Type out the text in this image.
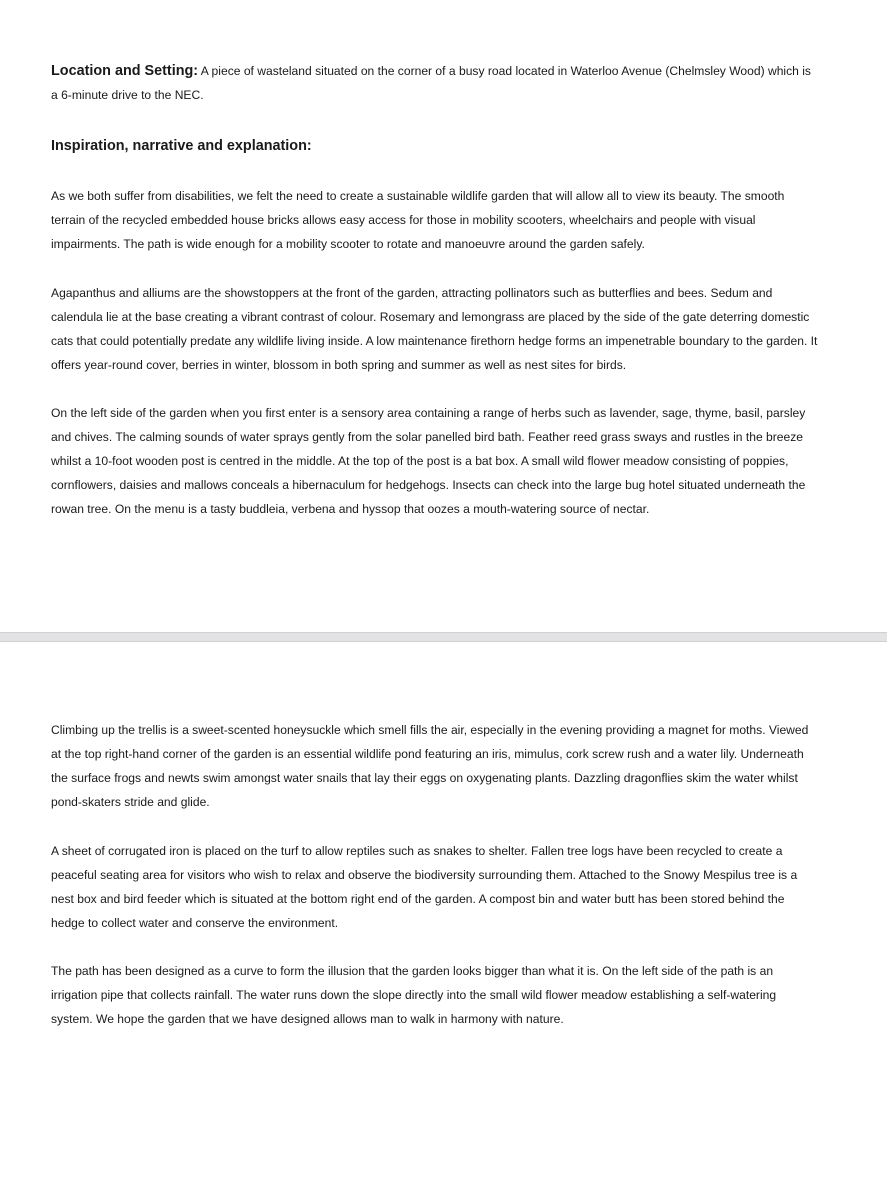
Location and Setting: A piece of wasteland situated on the corner of a busy road located in Waterloo Avenue (Chelmsley Wood) which is a 6-minute drive to the NEC.

Inspiration, narrative and explanation:

As we both suffer from disabilities, we felt the need to create a sustainable wildlife garden that will allow all to view its beauty. The smooth terrain of the recycled embedded house bricks allows easy access for those in mobility scooters, wheelchairs and people with visual impairments. The path is wide enough for a mobility scooter to rotate and manoeuvre around the garden safely.

Agapanthus and alliums are the showstoppers at the front of the garden, attracting pollinators such as butterflies and bees. Sedum and calendula lie at the base creating a vibrant contrast of colour. Rosemary and lemongrass are placed by the side of the gate deterring domestic cats that could potentially predate any wildlife living inside. A low maintenance firethorn hedge forms an impenetrable boundary to the garden. It offers year-round cover, berries in winter, blossom in both spring and summer as well as nest sites for birds.

On the left side of the garden when you first enter is a sensory area containing a range of herbs such as lavender, sage, thyme, basil, parsley and chives. The calming sounds of water sprays gently from the solar panelled bird bath. Feather reed grass sways and rustles in the breeze whilst a 10-foot wooden post is centred in the middle. At the top of the post is a bat box. A small wild flower meadow consisting of poppies, cornflowers, daisies and mallows conceals a hibernaculum for hedgehogs. Insects can check into the large bug hotel situated underneath the rowan tree. On the menu is a tasty buddleia, verbena and hyssop that oozes a mouth-watering source of nectar.

Climbing up the trellis is a sweet-scented honeysuckle which smell fills the air, especially in the evening providing a magnet for moths. Viewed at the top right-hand corner of the garden is an essential wildlife pond featuring an iris, mimulus, cork screw rush and a water lily. Underneath the surface frogs and newts swim amongst water snails that lay their eggs on oxygenating plants. Dazzling dragonflies skim the water whilst pond-skaters stride and glide.

A sheet of corrugated iron is placed on the turf to allow reptiles such as snakes to shelter. Fallen tree logs have been recycled to create a peaceful seating area for visitors who wish to relax and observe the biodiversity surrounding them. Attached to the Snowy Mespilus tree is a nest box and bird feeder which is situated at the bottom right end of the garden. A compost bin and water butt has been stored behind the hedge to collect water and conserve the environment.

The path has been designed as a curve to form the illusion that the garden looks bigger than what it is. On the left side of the path is an irrigation pipe that collects rainfall. The water runs down the slope directly into the small wild flower meadow establishing a self-watering system. We hope the garden that we have designed allows man to walk in harmony with nature.
